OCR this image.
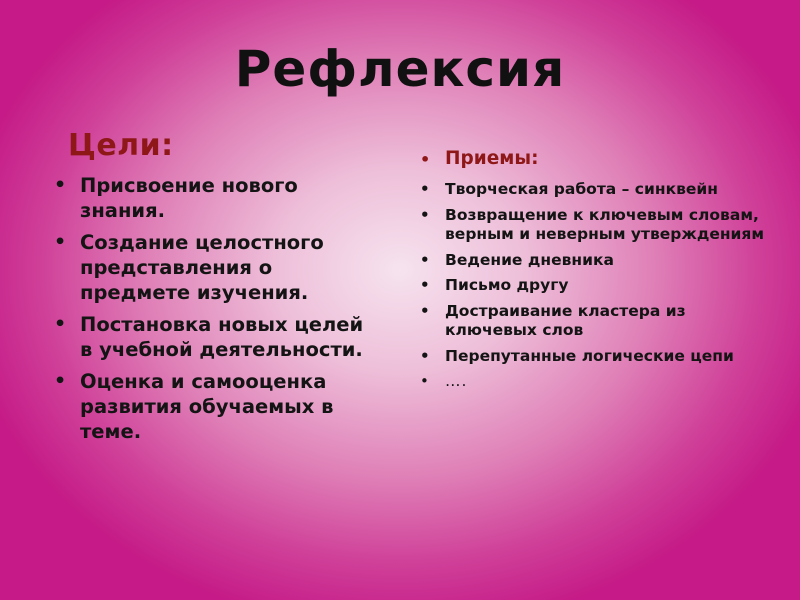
Рефлексия
Цели:
• Присвоение нового знания.
• Создание целостного представления о предмете изучения.
• Постановка новых целей в учебной деятельности.
• Оценка и самооценка развития обучаемых в теме.
• Приемы:
• Творческая работа – синквейн
• Возвращение к ключевым словам, верным и неверным утверждениям
• Ведение дневника
• Письмо другу
• Достраивание кластера из ключевых слов
• Перепутанные логические цепи
• ….
